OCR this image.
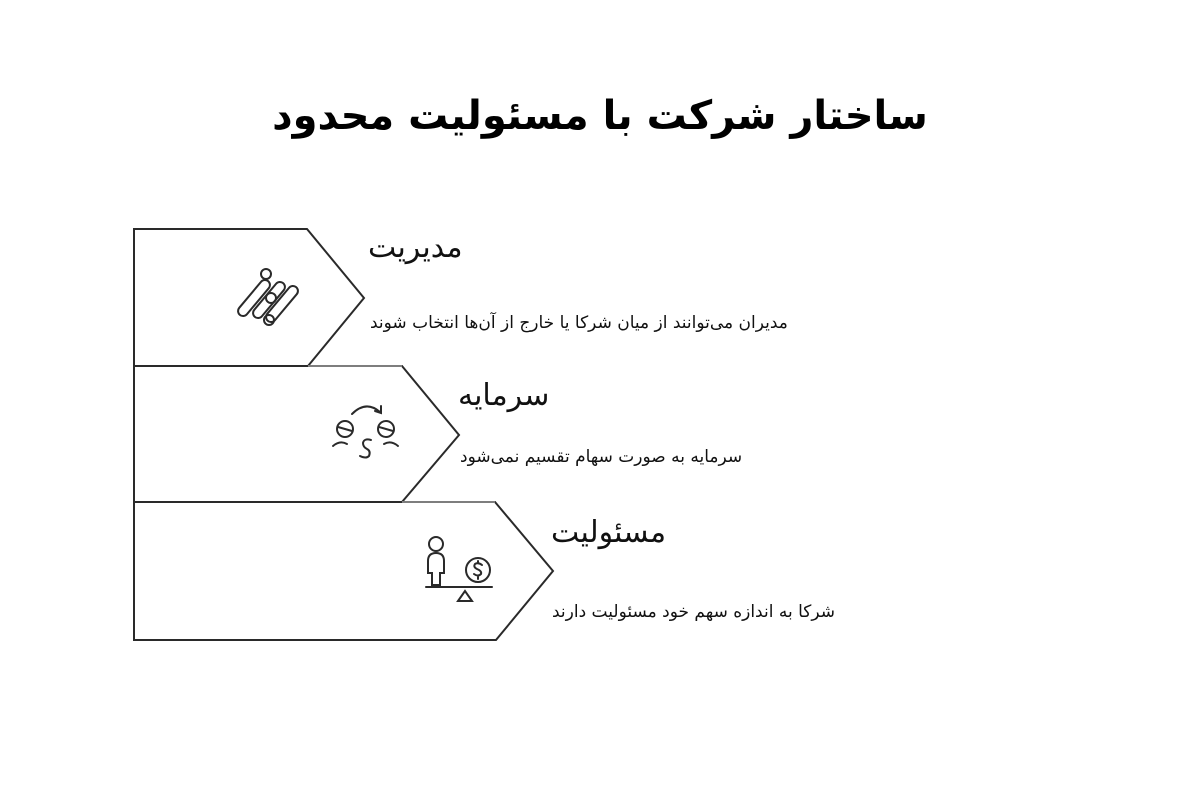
ساختار شرکت با مسئولیت محدود
مدیریت
مدیران می‌توانند از میان شرکا یا خارج از آن‌ها انتخاب شوند
سرمایه
سرمایه به صورت سهام تقسیم نمی‌شود
مسئولیت
شرکا به اندازه سهم خود مسئولیت دارند
